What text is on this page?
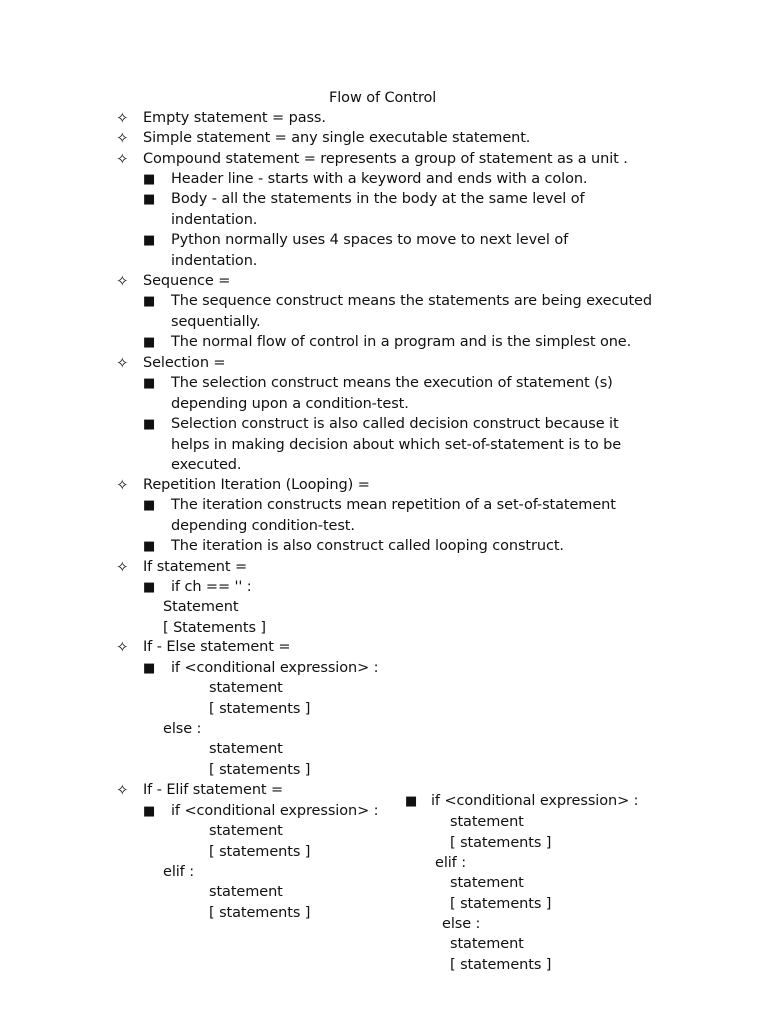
Flow of Control
✧ Empty statement = pass.
✧ Simple statement = any single executable statement.
✧ Compound statement = represents a group of statement as a unit .
■ Header line - starts with a keyword and ends with a colon.
■ Body - all the statements in the body at the same level of
indentation.
■ Python normally uses 4 spaces to move to next level of
indentation.
✧ Sequence =
■ The sequence construct means the statements are being executed
sequentially.
■ The normal flow of control in a program and is the simplest one.
✧ Selection =
■ The selection construct means the execution of statement (s)
depending upon a condition-test.
■ Selection construct is also called decision construct because it
helps in making decision about which set-of-statement is to be
executed.
✧ Repetition Iteration (Looping) =
■ The iteration constructs mean repetition of a set-of-statement
depending condition-test.
■ The iteration is also construct called looping construct.
✧ If statement =
■ if ch == '' :
Statement
[ Statements ]
✧ If - Else statement =
■ if <conditional expression> :
statement
[ statements ]
else :
statement
[ statements ]
✧ If - Elif statement =
■ if <conditional expression> :
statement
[ statements ]
elif :
statement
[ statements ]
■ if <conditional expression> :
statement
[ statements ]
elif :
statement
[ statements ]
else :
statement
[ statements ]
